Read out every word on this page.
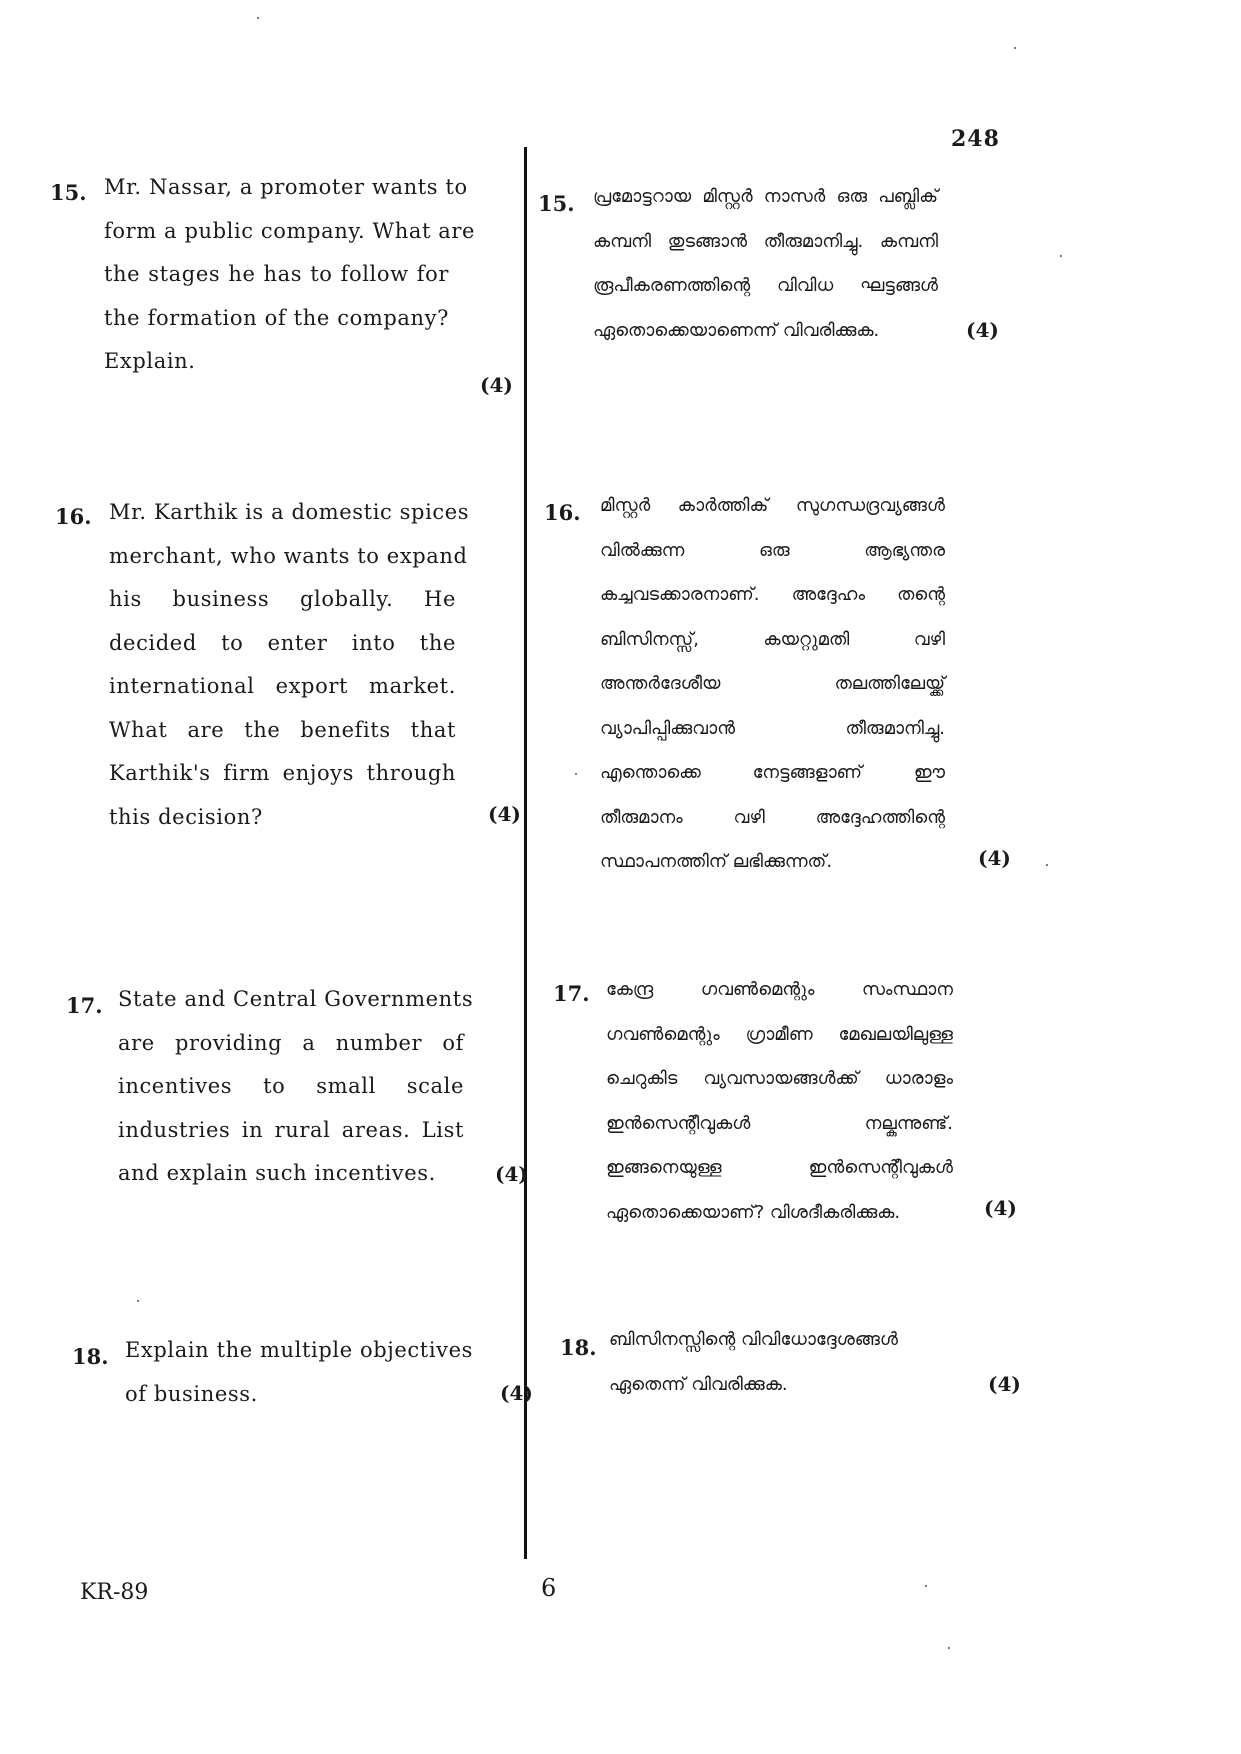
248
15. Mr. Nassar, a promoter wants to
form a public company. What are
the stages he has to follow for
the formation of the company?
Explain.
(4)
15. പ്രമോട്ടറായ മിസ്റ്റർ നാസർ ഒരു പബ്ലിക്
കമ്പനി തുടങ്ങാൻ തീരുമാനിച്ചു. കമ്പനി
രൂപീകരണത്തിന്റെ വിവിധ ഘട്ടങ്ങൾ
ഏതൊക്കെയാണെന്ന് വിവരിക്കുക.	(4)
16. Mr. Karthik is a domestic spices
merchant, who wants to expand
his business globally. He
decided to enter into the
international export market.
What are the benefits that
Karthik's firm enjoys through
this decision?	(4)
16. മിസ്റ്റർ കാർത്തിക് സുഗന്ധദ്രവ്യങ്ങൾ
വിൽക്കുന്ന ഒരു ആഭ്യന്തര
കച്ചവടക്കാരനാണ്. അദ്ദേഹം തന്റെ
ബിസിനസ്സ്, കയറ്റുമതി വഴി
അന്തർദേശീയ തലത്തിലേയ്ക്ക്
വ്യാപിപ്പിക്കുവാൻ തീരുമാനിച്ചു.
എന്തൊക്കെ നേട്ടങ്ങളാണ് ഈ
തീരുമാനം വഴി അദ്ദേഹത്തിന്റെ
സ്ഥാപനത്തിന് ലഭിക്കുന്നത്.	(4)
17. State and Central Governments
are providing a number of
incentives to small scale
industries in rural areas. List
and explain such incentives.	(4)
17. കേന്ദ്ര ഗവൺമെന്റും സംസ്ഥാന
ഗവൺമെന്റും ഗ്രാമീണ മേഖലയിലുള്ള
ചെറുകിട വ്യവസായങ്ങൾക്ക് ധാരാളം
ഇൻസെന്റീവുകൾ നല്കുന്നുണ്ട്.
ഇങ്ങനെയുള്ള ഇൻസെന്റീവുകൾ
ഏതൊക്കെയാണ്? വിശദീകരിക്കുക.	(4)
18. Explain the multiple objectives
of business.	(4)
18. ബിസിനസ്സിന്റെ വിവിധോദ്ദേശങ്ങൾ
ഏതെന്ന് വിവരിക്കുക.	(4)
KR-89	6
